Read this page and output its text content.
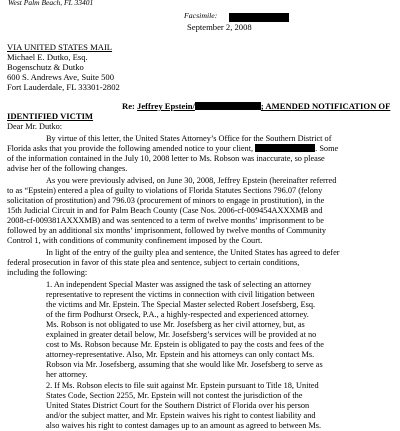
West Palm Beach, FL 33401
Facsimile:
September 2, 2008
VIA UNITED STATES MAIL
Michael E. Dutko, Esq.
Bogenschutz & Dutko
600 S. Andrews Ave, Suite 500
Fort Lauderdale, FL 33301-2802
Re: Jeffrey Epstein/	; AMENDED NOTIFICATION OF
IDENTIFIED VICTIM
Dear Mr. Dutko:
By virtue of this letter, the United States Attorney’s Office for the Southern District of
Florida asks that you provide the following amended notice to your client,	. Some
of the information contained in the July 10, 2008 letter to Ms. Robson was inaccurate, so please
advise her of the following changes.
As you were previously advised, on June 30, 2008, Jeffrey Epstein (hereinafter referred
to as “Epstein) entered a plea of guilty to violations of Florida Statutes Sections 796.07 (felony
solicitation of prostitution) and 796.03 (procurement of minors to engage in prostitution), in the
15th Judicial Circuit in and for Palm Beach County (Case Nos. 2006-cf-009454AXXXMB and
2008-cf-009381AXXXMB) and was sentenced to a term of twelve months’ imprisonment to be
followed by an additional six months’ imprisonment, followed by twelve months of Community
Control 1, with conditions of community confinement imposed by the Court.
In light of the entry of the guilty plea and sentence, the United States has agreed to defer
federal prosecution in favor of this state plea and sentence, subject to certain conditions,
including the following:
1. An independent Special Master was assigned the task of selecting an attorney
representative to represent the victims in connection with civil litigation between
the victims and Mr. Epstein. The Special Master selected Robert Josefsberg, Esq.
of the firm Podhurst Orseck, P.A., a highly-respected and experienced attorney.
Ms. Robson is not obligated to use Mr. Josefsberg as her civil attorney, but, as
explained in greater detail below, Mr. Josefsberg’s services will be provided at no
cost to Ms. Robson because Mr. Epstein is obligated to pay the costs and fees of the
attorney-representative. Also, Mr. Epstein and his attorneys can only contact Ms.
Robson via Mr. Josefsberg, assuming that she would like Mr. Josefsberg to serve as
her attorney.
2. If Ms. Robson elects to file suit against Mr. Epstein pursuant to Title 18, United
States Code, Section 2255, Mr. Epstein will not contest the jurisdiction of the
United States District Court for the Southern District of Florida over his person
and/or the subject matter, and Mr. Epstein waives his right to contest liability and
also waives his right to contest damages up to an amount as agreed to between Ms.
